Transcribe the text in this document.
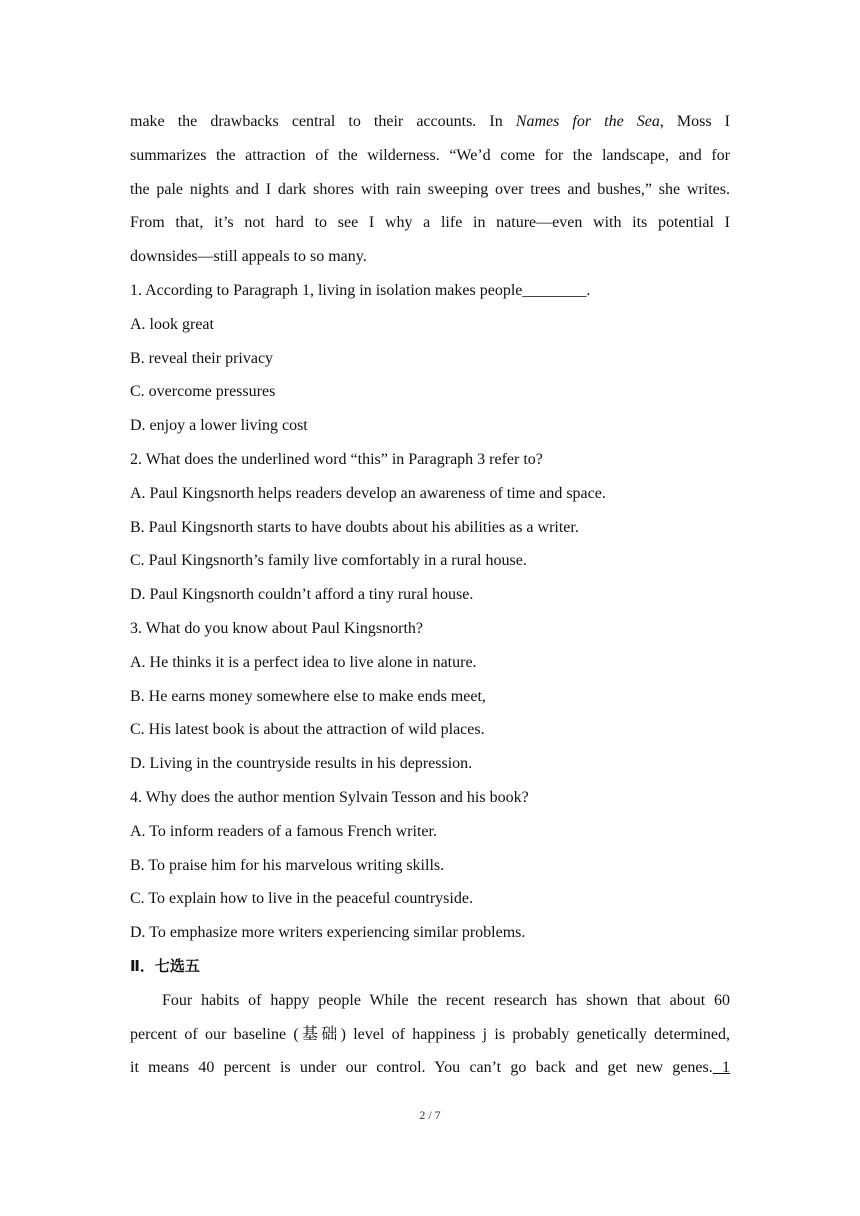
make the drawbacks central to their accounts. In Names for the Sea, Moss I
summarizes the attraction of the wilderness. “We’d come for the landscape, and for
the pale nights and I dark shores with rain sweeping over trees and bushes,” she writes.
From that, it’s not hard to see I why a life in nature—even with its potential I
downsides—still appeals to so many.
1. According to Paragraph 1, living in isolation makes people________.
A. look great
B. reveal their privacy
C. overcome pressures
D. enjoy a lower living cost
2. What does the underlined word “this” in Paragraph 3 refer to?
A. Paul Kingsnorth helps readers develop an awareness of time and space.
B. Paul Kingsnorth starts to have doubts about his abilities as a writer.
C. Paul Kingsnorth’s family live comfortably in a rural house.
D. Paul Kingsnorth couldn’t afford a tiny rural house.
3. What do you know about Paul Kingsnorth?
A. He thinks it is a perfect idea to live alone in nature.
B. He earns money somewhere else to make ends meet,
C. His latest book is about the attraction of wild places.
D. Living in the countryside results in his depression.
4. Why does the author mention Sylvain Tesson and his book?
A. To inform readers of a famous French writer.
B. To praise him for his marvelous writing skills.
C. To explain how to live in the peaceful countryside.
D. To emphasize more writers experiencing similar problems.
Ⅱ．七选五
Four habits of happy people While the recent research has shown that about 60
percent of our baseline (基础) level of happiness j is probably genetically determined,
it means 40 percent is under our control. You can’t go back and get new genes. 1
2 / 7
